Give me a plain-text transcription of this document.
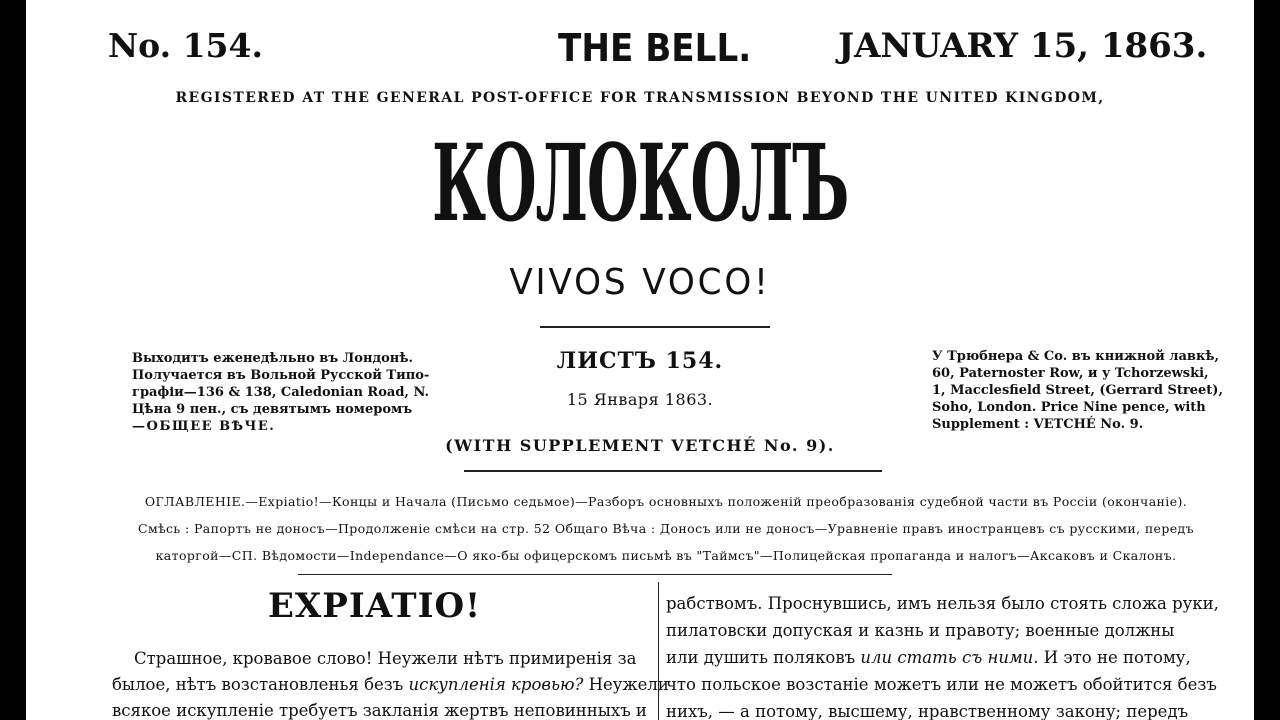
No. 154.	THE BELL.	JANUARY 15, 1863.
REGISTERED AT THE GENERAL POST-OFFICE FOR TRANSMISSION BEYOND THE UNITED KINGDOM,
КОЛОКОЛЪ
VIVOS VOCO!
Выходитъ еженедѣльно въ Лондонѣ.
Получается въ Вольной Русской Типо-
графіи—136 & 138, Caledonian Road, N.
Цѣна 9 пен., съ девятымъ номеромъ
—ОБЩЕЕ ВѢЧЕ.
ЛИСТЪ 154.
15 Января 1863.
(WITH SUPPLEMENT VETCHÉ No. 9).
У Трюбнера & Co. въ книжной лавкѣ,
60, Paternoster Row, и у Tchorzewski,
1, Macclesfield Street, (Gerrard Street),
Soho, London. Price Nine pence, with
Supplement : VETCHÉ No. 9.

ОГЛАВЛЕНІЕ.—Expiatio!—Концы и Начала (Письмо седьмое)—Разборъ основныхъ положеній преобразованія судебной части въ Россіи (окончаніе).

Смѣсь : Рапортъ не доносъ—Продолженіе смѣси на стр. 52 Общаго Вѣча : Доносъ или не доносъ—Уравненіе правъ иностранцевъ съ русскими, передъ

каторгой—СП. Вѣдомости—Independance—О яко-бы офицерскомъ письмѣ въ "Таймсъ"—Полицейская пропаганда и налогъ—Аксаковъ и Скалонъ.

EXPIATIO!

Страшное, кровавое слово! Неужели нѣтъ примиренія за

былое, нѣтъ возстановленья безъ искупленія кровью? Неужели

всякое искупленіе требуетъ закланія жертвъ неповинныхъ и

рабствомъ. Проснувшись, имъ нельзя было стоять сложа руки,

пилатовски допуская и казнь и правоту; военные должны

или душить поляковъ или стать съ ними. И это не потому,

что польское возстаніе можетъ или не можетъ обойтится безъ

нихъ, — а потому, высшему, нравственному закону; передъ
